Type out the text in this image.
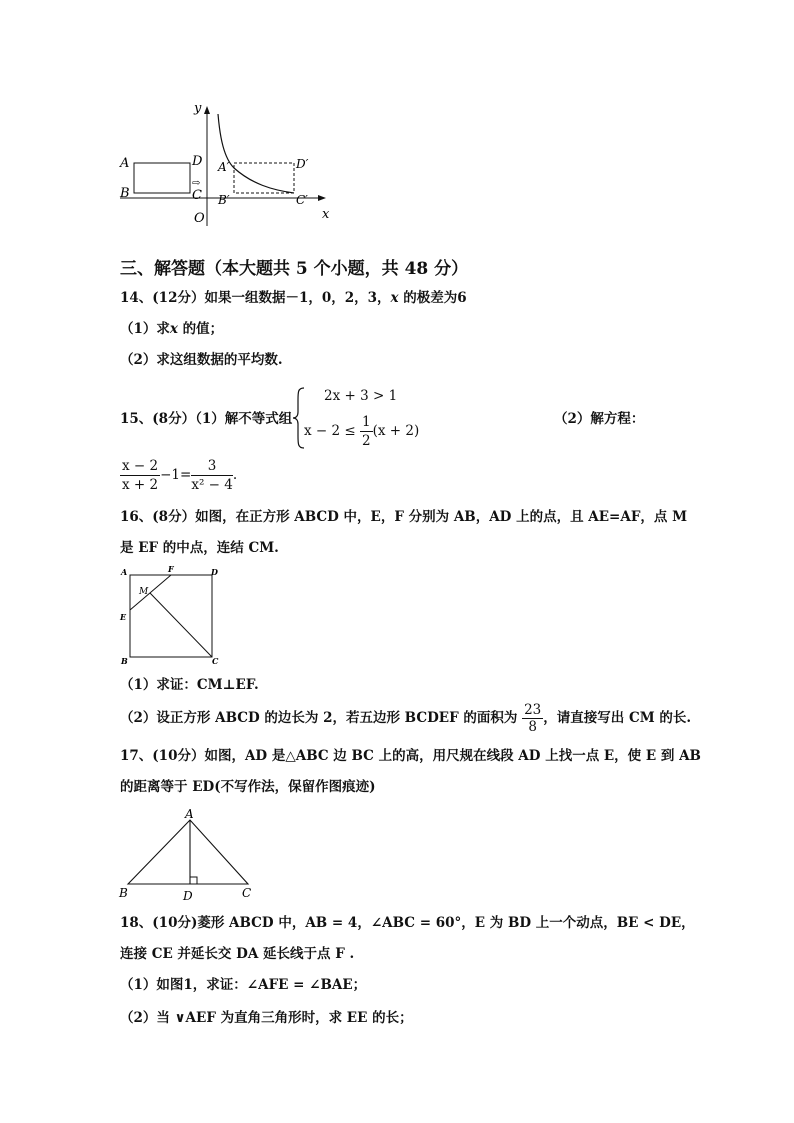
A
B
D
C
⇨
A′
B′
D′
C′
O	x
y
三、解答题（本大题共 5 个小题，共 48 分）
14、(12分）如果一组数据－1，0，2，3，x 的极差为6
（1）求x 的值；
（2）求这组数据的平均数.
15、(8分）（1）解不等式组
2x + 3 > 1
$x - 2 \le \frac{1}{2} (x + 2)$
（2）解方程：
$\frac{x - 2}{x + 2} -1= \frac{3}{\text{x² − 4}}$ .
16、(8分）如图，在正方形 ABCD 中，E，F 分别为 AB，AD 上的点，且 AE=AF，点 M
是 EF 的中点，连结 CM.
A	F	D
M
E
B	C
（1）求证：CM⊥EF.
（2）设正方形 ABCD 的边长为 2，若五边形 BCDEF 的面积为 $\frac{23}{8}$ ，请直接写出 CM 的长.
17、(10分）如图，AD 是△ABC 边 BC 上的高，用尺规在线段 AD 上找一点 E，使 E 到 AB
的距离等于 ED(不写作法，保留作图痕迹)
A
B	D	C
18、(10分)菱形 ABCD 中，AB = 4，∠ABC = 60°，E 为 BD 上一个动点，BE < DE，
连接 CE 并延长交 DA 延长线于点 F .
（1）如图1，求证：∠AFE = ∠BAE；
（2）当 ∨AEF 为直角三角形时，求 EE 的长；
